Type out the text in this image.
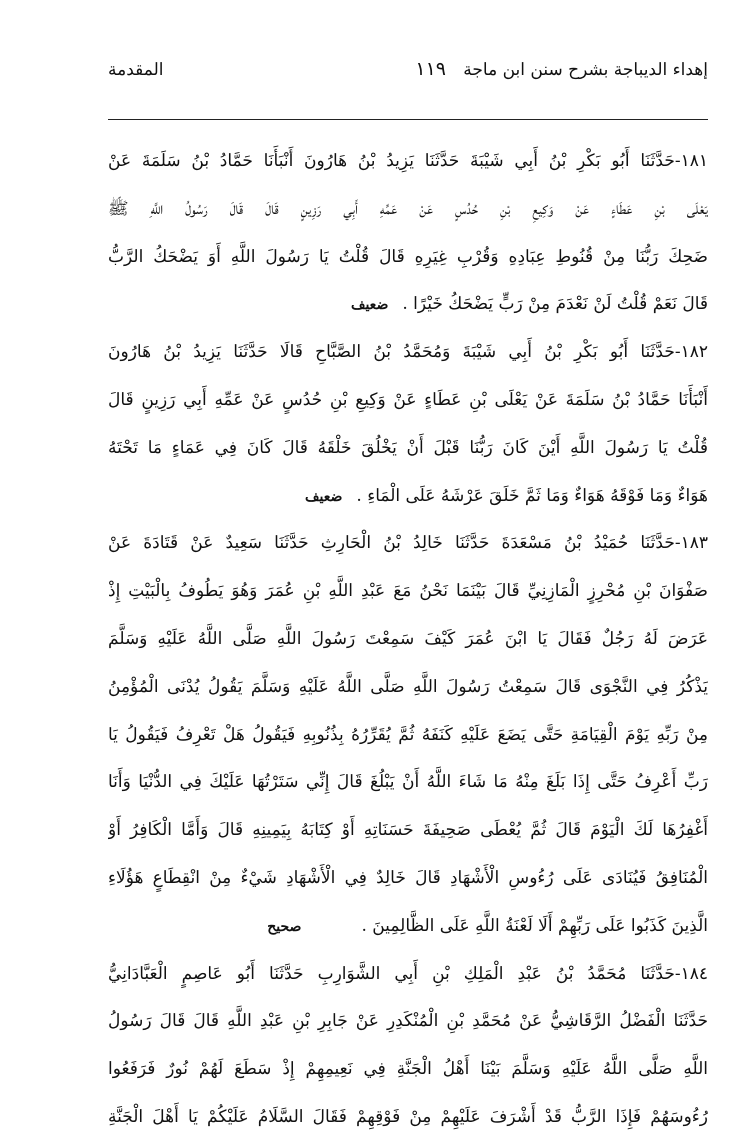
إهداء الديباجة بشرح سنن ابن ماجة
١١٩
المقدمة
١٨١-حَدَّثَنَا أَبُو بَكْرِ بْنُ أَبِي شَيْبَةَ حَدَّثَنَا يَزِيدُ بْنُ هَارُونَ أَنْبَأَنَا حَمَّادُ بْنُ سَلَمَةَ عَنْ
يَعْلَى بْنِ عَطَاءٍ عَنْ وَكِيعِ بْنِ حُدُسٍ عَنْ عَمِّهِ أَبِي رَزِينٍ قَالَ قَالَ رَسُولُ اللَّهِ ﷺ
ضَحِكَ رَبُّنَا مِنْ قُنُوطِ عِبَادِهِ وَقُرْبِ غِيَرِهِ قَالَ قُلْتُ يَا رَسُولَ اللَّهِ أَوَ يَضْحَكُ الرَّبُّ
قَالَ نَعَمْ قُلْتُ لَنْ نَعْدَمَ مِنْ رَبٍّ يَضْحَكُ خَيْرًا .ضعيف
١٨٢-حَدَّثَنَا أَبُو بَكْرِ بْنُ أَبِي شَيْبَةَ وَمُحَمَّدُ بْنُ الصَّبَّاحِ قَالَا حَدَّثَنَا يَزِيدُ بْنُ هَارُونَ
أَنْبَأَنَا حَمَّادُ بْنُ سَلَمَةَ عَنْ يَعْلَى بْنِ عَطَاءٍ عَنْ وَكِيعِ بْنِ حُدُسٍ عَنْ عَمِّهِ أَبِي رَزِينٍ قَالَ
قُلْتُ يَا رَسُولَ اللَّهِ أَيْنَ كَانَ رَبُّنَا قَبْلَ أَنْ يَخْلُقَ خَلْقَهُ قَالَ كَانَ فِي عَمَاءٍ مَا تَحْتَهُ
هَوَاءٌ وَمَا فَوْقَهُ هَوَاءٌ وَمَا ثَمَّ خَلَقَ عَرْشَهُ عَلَى الْمَاءِ .ضعيف
١٨٣-حَدَّثَنَا حُمَيْدُ بْنُ مَسْعَدَةَ حَدَّثَنَا خَالِدُ بْنُ الْحَارِثِ حَدَّثَنَا سَعِيدٌ عَنْ قَتَادَةَ عَنْ
صَفْوَانَ بْنِ مُحْرِزٍ الْمَازِنِيِّ قَالَ بَيْنَمَا نَحْنُ مَعَ عَبْدِ اللَّهِ بْنِ عُمَرَ وَهُوَ يَطُوفُ بِالْبَيْتِ إِذْ
عَرَضَ لَهُ رَجُلٌ فَقَالَ يَا ابْنَ عُمَرَ كَيْفَ سَمِعْتَ رَسُولَ اللَّهِ صَلَّى اللَّهُ عَلَيْهِ وَسَلَّمَ
يَذْكُرُ فِي النَّجْوَى قَالَ سَمِعْتُ رَسُولَ اللَّهِ صَلَّى اللَّهُ عَلَيْهِ وَسَلَّمَ يَقُولُ يُدْنَى الْمُؤْمِنُ
مِنْ رَبِّهِ يَوْمَ الْقِيَامَةِ حَتَّى يَضَعَ عَلَيْهِ كَنَفَهُ ثُمَّ يُقَرِّرُهُ بِذُنُوبِهِ فَيَقُولُ هَلْ تَعْرِفُ فَيَقُولُ يَا
رَبِّ أَعْرِفُ حَتَّى إِذَا بَلَغَ مِنْهُ مَا شَاءَ اللَّهُ أَنْ يَبْلُغَ قَالَ إِنِّي سَتَرْتُهَا عَلَيْكَ فِي الدُّنْيَا وَأَنَا
أَغْفِرُهَا لَكَ الْيَوْمَ قَالَ ثُمَّ يُعْطَى صَحِيفَةَ حَسَنَاتِهِ أَوْ كِتَابَهُ بِيَمِينِهِ قَالَ وَأَمَّا الْكَافِرُ أَوْ
الْمُنَافِقُ فَيُنَادَى عَلَى رُءُوسِ الْأَشْهَادِ قَالَ خَالِدٌ فِي الْأَشْهَادِ شَيْءٌ مِنْ انْقِطَاعٍ هَؤُلَاءِ
الَّذِينَ كَذَبُوا عَلَى رَبِّهِمْ أَلَا لَعْنَةُ اللَّهِ عَلَى الظَّالِمِينَ .صحيح
١٨٤-حَدَّثَنَا مُحَمَّدُ بْنُ عَبْدِ الْمَلِكِ بْنِ أَبِي الشَّوَارِبِ حَدَّثَنَا أَبُو عَاصِمٍ الْعَبَّادَانِيُّ
حَدَّثَنَا الْفَضْلُ الرَّقَاشِيُّ عَنْ مُحَمَّدِ بْنِ الْمُنْكَدِرِ عَنْ جَابِرِ بْنِ عَبْدِ اللَّهِ قَالَ قَالَ رَسُولُ
اللَّهِ صَلَّى اللَّهُ عَلَيْهِ وَسَلَّمَ بَيْنَا أَهْلُ الْجَنَّةِ فِي نَعِيمِهِمْ إِذْ سَطَعَ لَهُمْ نُورٌ فَرَفَعُوا
رُءُوسَهُمْ فَإِذَا الرَّبُّ قَدْ أَشْرَفَ عَلَيْهِمْ مِنْ فَوْقِهِمْ فَقَالَ السَّلَامُ عَلَيْكُمْ يَا أَهْلَ الْجَنَّةِ
